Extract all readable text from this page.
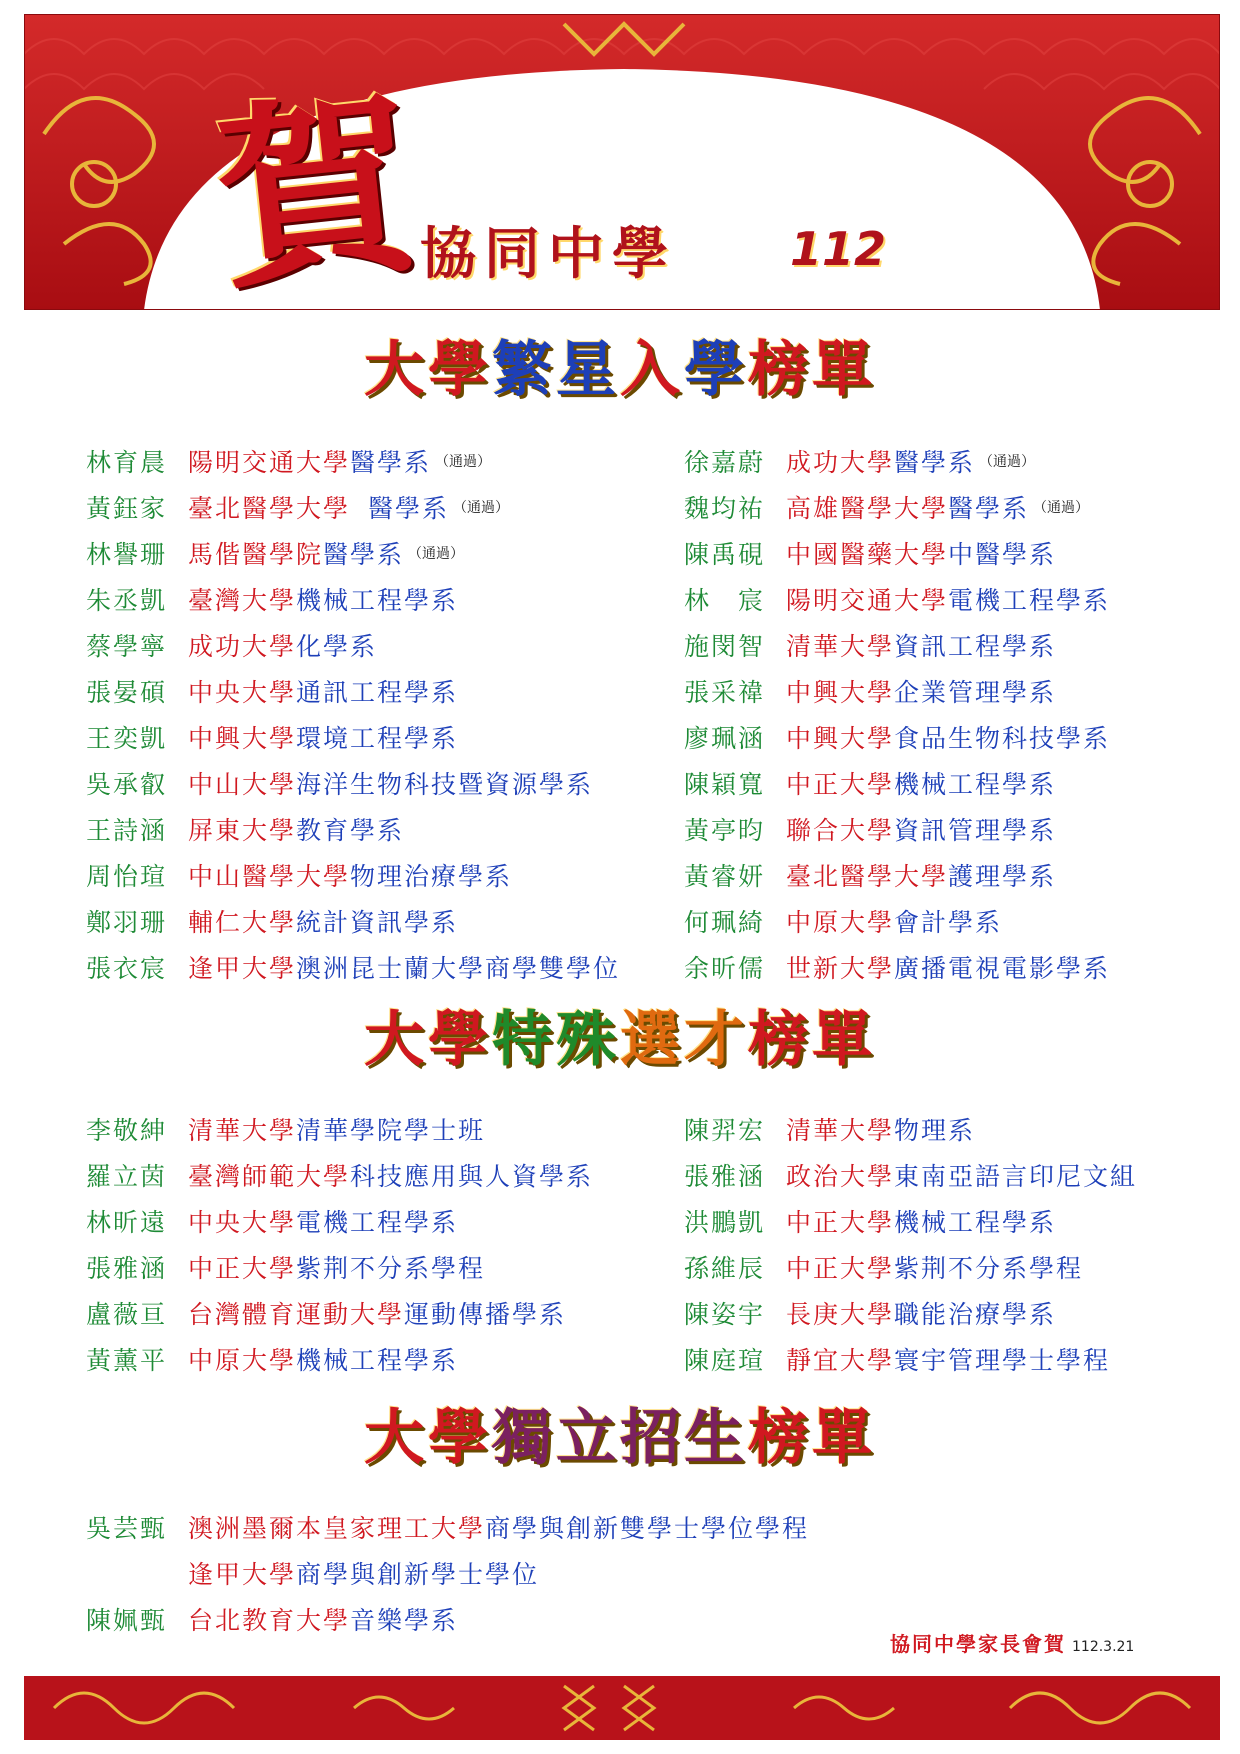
賀
協同中學 112
大學繁星入學榜單
林育晨 陽明交通大學 醫學系 （通過）
黃鈺家 臺北醫學大學 醫學系 （通過）
林譽珊 馬偕醫學院 醫學系 （通過）
朱丞凱 臺灣大學 機械工程學系
蔡學寧 成功大學 化學系
張晏碩 中央大學 通訊工程學系
王奕凱 中興大學 環境工程學系
吳承叡 中山大學 海洋生物科技暨資源學系
王詩涵 屏東大學 教育學系
周怡瑄 中山醫學大學 物理治療學系
鄭羽珊 輔仁大學 統計資訊學系
張衣宸 逢甲大學 澳洲昆士蘭大學商學雙學位
徐嘉蔚 成功大學 醫學系 （通過）
魏均祐 高雄醫學大學 醫學系 （通過）
陳禹硯 中國醫藥大學 中醫學系
林　宸 陽明交通大學 電機工程學系
施閔智 清華大學 資訊工程學系
張采禕 中興大學 企業管理學系
廖珮涵 中興大學 食品生物科技學系
陳穎寬 中正大學 機械工程學系
黃亭昀 聯合大學 資訊管理學系
黃睿妍 臺北醫學大學 護理學系
何珮綺 中原大學 會計學系
余昕儒 世新大學 廣播電視電影學系
大學特殊選才榜單
李敬紳 清華大學 清華學院學士班
羅立茵 臺灣師範大學 科技應用與人資學系
林昕遠 中央大學 電機工程學系
張雅涵 中正大學 紫荆不分系學程
盧薇亘 台灣體育運動大學 運動傳播學系
黃薰平 中原大學 機械工程學系
陳羿宏 清華大學 物理系
張雅涵 政治大學 東南亞語言印尼文組
洪鵬凱 中正大學 機械工程學系
孫維辰 中正大學 紫荆不分系學程
陳姿宇 長庚大學 職能治療學系
陳庭瑄 靜宜大學 寰宇管理學士學程
大學獨立招生榜單
吳芸甄 澳洲墨爾本皇家理工大學 商學與創新雙學士學位學程
逢甲大學 商學與創新學士學位
陳姵甄 台北教育大學 音樂學系
協同中學家長會賀 112.3.21
